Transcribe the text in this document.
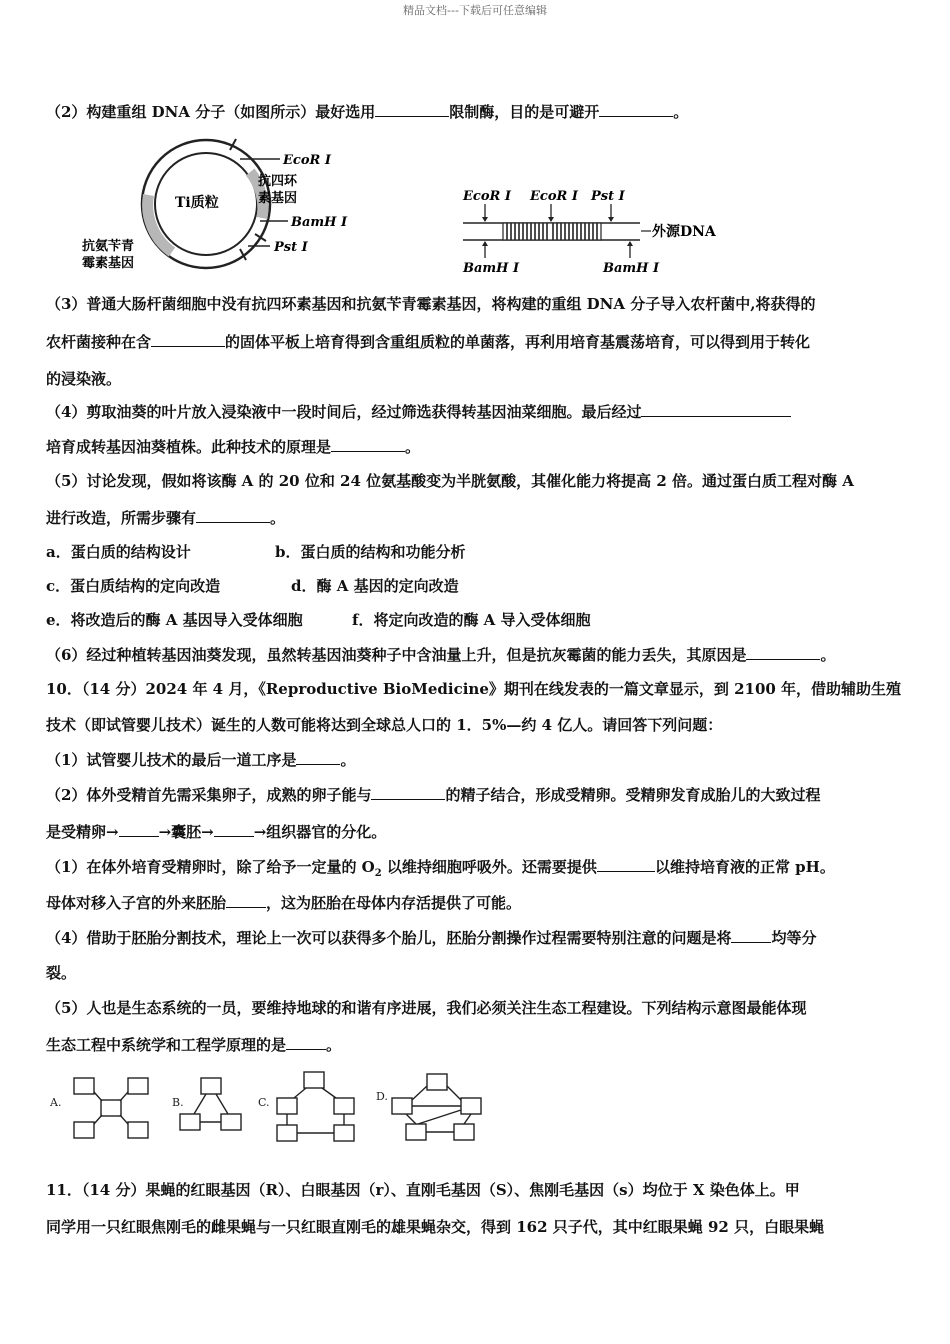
精品文档---下载后可任意编辑
（2）构建重组 DNA 分子（如图所示）最好选用	限制酶，目的是可避开	。
Ti质粒
EcoR Ⅰ
抗四环
素基因
BamH Ⅰ
Pst Ⅰ
抗氨苄青
霉素基因
EcoR Ⅰ EcoR Ⅰ Pst Ⅰ
外源DNA
BamH Ⅰ	BamH Ⅰ
（3）普通大肠杆菌细胞中没有抗四环素基因和抗氨苄青霉素基因，将构建的重组 DNA 分子导入农杆菌中,将获得的
农杆菌接种在含	的固体平板上培育得到含重组质粒的单菌落，再利用培育基震荡培育，可以得到用于转化
的浸染液。
（4）剪取油葵的叶片放入浸染液中一段时间后，经过筛选获得转基因油菜细胞。最后经过
培育成转基因油葵植株。此种技术的原理是	。
（5）讨论发现，假如将该酶 A 的 20 位和 24 位氨基酸变为半胱氨酸，其催化能力将提高 2 倍。通过蛋白质工程对酶 A
进行改造，所需步骤有	。
a．蛋白质的结构设计	b．蛋白质的结构和功能分析
c．蛋白质结构的定向改造	d．酶 A 基因的定向改造
e．将改造后的酶 A 基因导入受体细胞	f．将定向改造的酶 A 导入受体细胞
（6）经过种植转基因油葵发现，虽然转基因油葵种子中含油量上升，但是抗灰霉菌的能力丢失，其原因是	。
10．（14 分）2024 年 4 月，《Reproductive BioMedicine》期刊在线发表的一篇文章显示，到 2100 年，借助辅助生殖
技术（即试管婴儿技术）诞生的人数可能将达到全球总人口的 1．5%—约 4 亿人。请回答下列问题：
（1）试管婴儿技术的最后一道工序是	。
（2）体外受精首先需采集卵子，成熟的卵子能与	的精子结合，形成受精卵。受精卵发育成胎儿的大致过程
是受精卵→	→囊胚→	→组织器官的分化。
（1）在体外培育受精卵时，除了给予一定量的 $O_2$ 以维持细胞呼吸外。还需要提供	以维持培育液的正常 pH。
母体对移入子宫的外来胚胎	，这为胚胎在母体内存活提供了可能。
（4）借助于胚胎分割技术，理论上一次可以获得多个胎儿，胚胎分割操作过程需要特别注意的问题是将	均等分
裂。
（5）人也是生态系统的一员，要维持地球的和谐有序进展，我们必须关注生态工程建设。下列结构示意图最能体现
生态工程中系统学和工程学原理的是	。
A.	B.	C.	D.
11．（14 分）果蝇的红眼基因（R）、白眼基因（r）、直刚毛基因（S）、焦刚毛基因（s）均位于 X 染色体上。甲
同学用一只红眼焦刚毛的雌果蝇与一只红眼直刚毛的雄果蝇杂交，得到 162 只子代，其中红眼果蝇 92 只，白眼果蝇
